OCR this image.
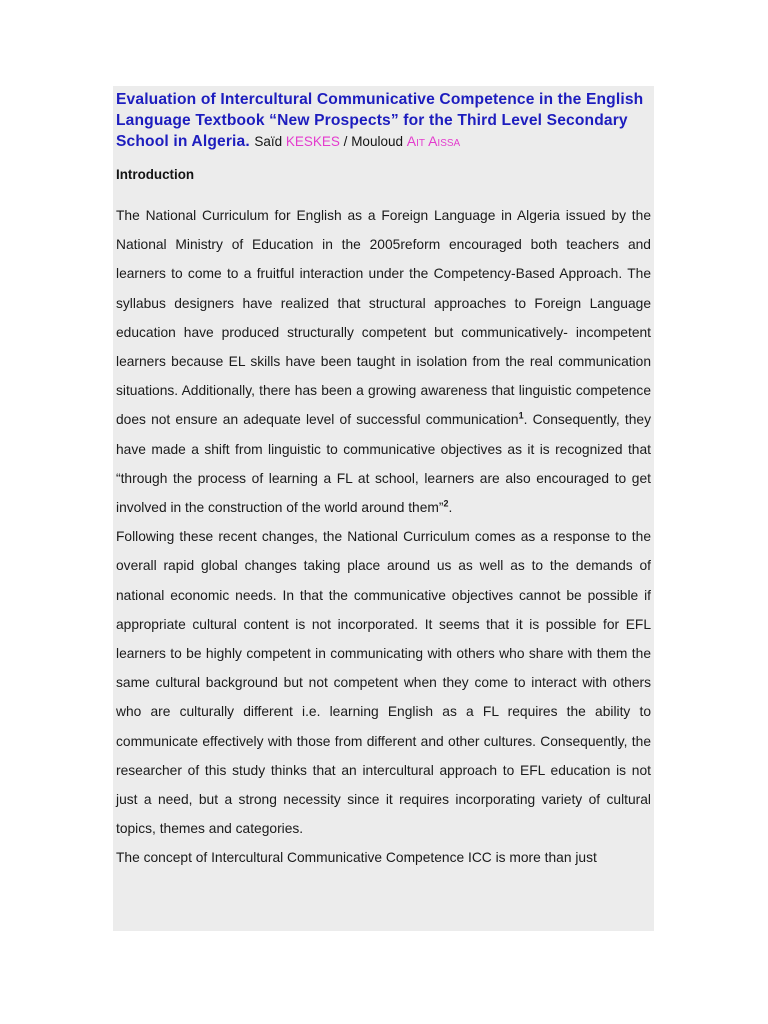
Evaluation of Intercultural Communicative Competence in the English Language Textbook “New Prospects” for the Third Level Secondary School in Algeria. Saïd KESKES / Mouloud Ait Aissa

Introduction

The National Curriculum for English as a Foreign Language in Algeria issued by the National Ministry of Education in the 2005reform encouraged both teachers and learners to come to a fruitful interaction under the Competency-Based Approach. The syllabus designers have realized that structural approaches to Foreign Language education have produced structurally competent but communicatively- incompetent learners because EL skills have been taught in isolation from the real communication situations. Additionally, there has been a growing awareness that linguistic competence does not ensure an adequate level of successful communication$^1$. Consequently, they have made a shift from linguistic to communicative objectives as it is recognized that “through the process of learning a FL at school, learners are also encouraged to get involved in the construction of the world around them”$^2$.

Following these recent changes, the National Curriculum comes as a response to the overall rapid global changes taking place around us as well as to the demands of national economic needs. In that the communicative objectives cannot be possible if appropriate cultural content is not incorporated. It seems that it is possible for EFL learners to be highly competent in communicating with others who share with them the same cultural background but not competent when they come to interact with others who are culturally different i.e. learning English as a FL requires the ability to communicate effectively with those from different and other cultures. Consequently, the researcher of this study thinks that an intercultural approach to EFL education is not just a need, but a strong necessity since it requires incorporating variety of cultural topics, themes and categories.

The concept of Intercultural Communicative Competence ICC is more than just
